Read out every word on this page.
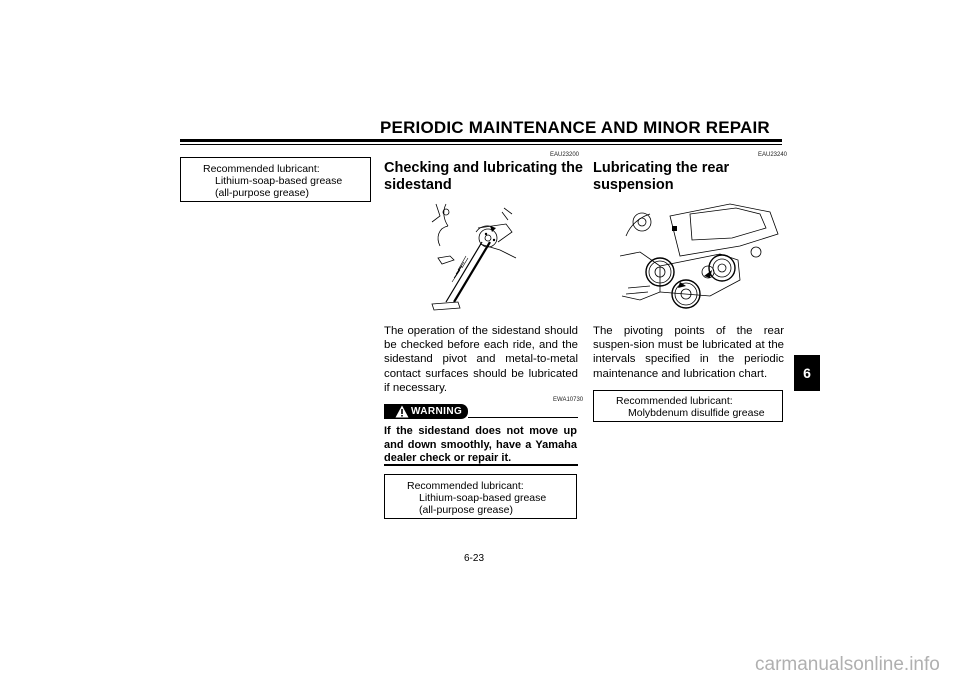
PERIODIC MAINTENANCE AND MINOR REPAIR
Recommended lubricant:
Lithium-soap-based grease
(all-purpose grease)
EAU23200
Checking and lubricating the
sidestand
The operation of the sidestand should be checked before each ride, and the sidestand pivot and metal-to-metal contact surfaces should be lubricated if necessary.
EWA10730
WARNING
If the sidestand does not move up and down smoothly, have a Yamaha dealer check or repair it.
Recommended lubricant:
Lithium-soap-based grease
(all-purpose grease)
EAU23240
Lubricating the rear
suspension
The pivoting points of the rear suspen-sion must be lubricated at the intervals specified in the periodic maintenance and lubrication chart.
Recommended lubricant:
Molybdenum disulfide grease
6
6-23
carmanualsonline.info
